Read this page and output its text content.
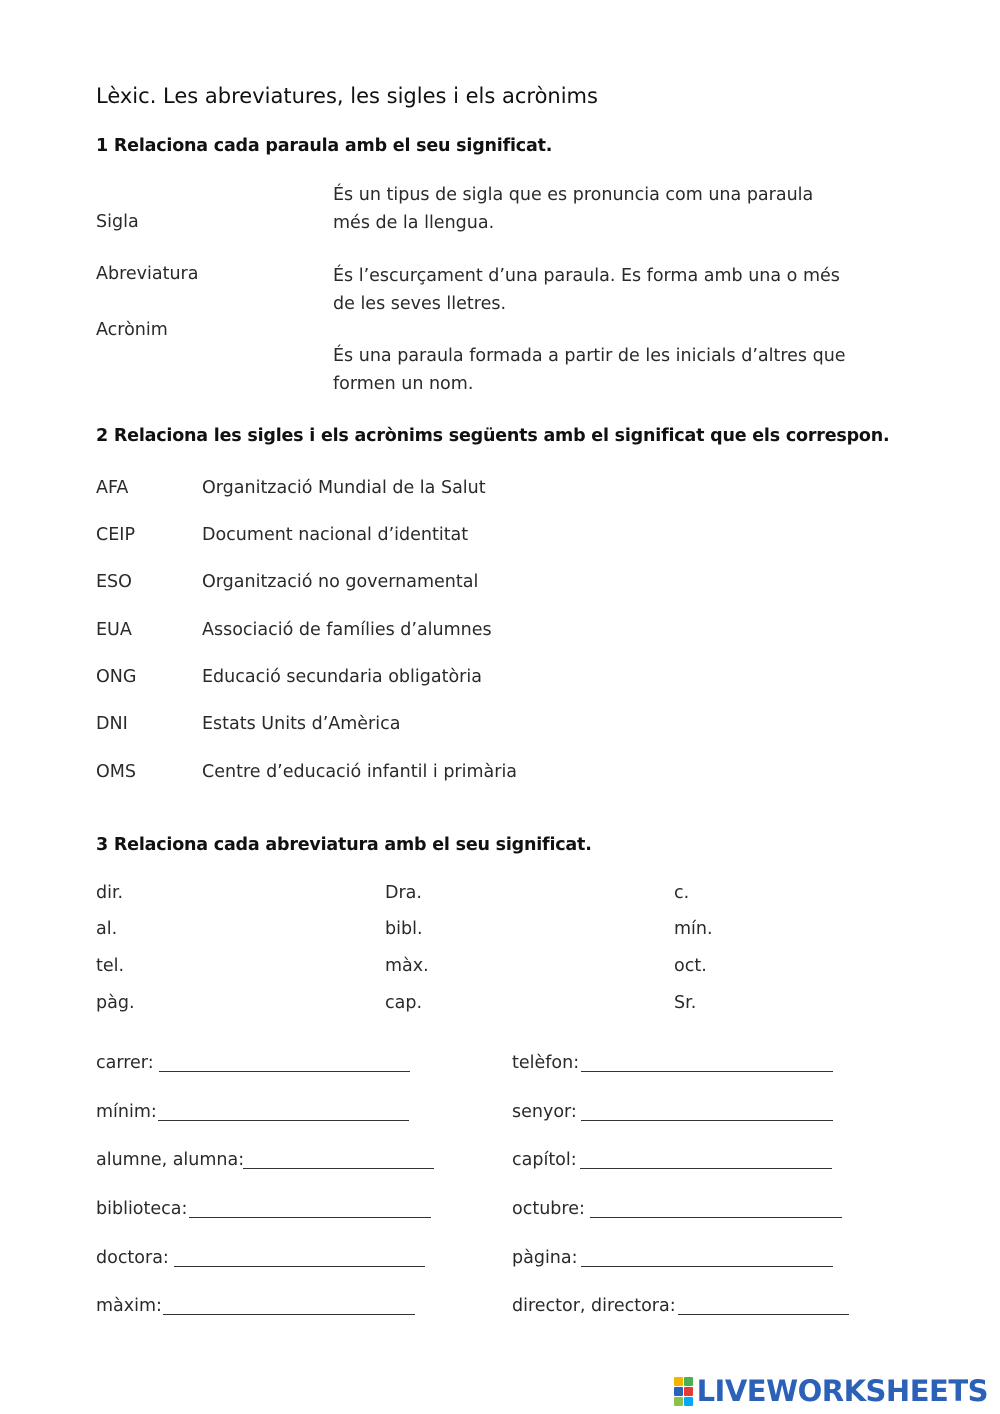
Lèxic. Les abreviatures, les sigles i els acrònims
1 Relaciona cada paraula amb el seu significat.
Sigla
Abreviatura
Acrònim
És un tipus de sigla que es pronuncia com una paraula més de la llengua.
És l’escurçament d’una paraula. Es forma amb una o més de les seves lletres.
És una paraula formada a partir de les inicials d’altres que formen un nom.
2 Relaciona les sigles i els acrònims següents amb el significat que els correspon.
AFA
CEIP
ESO
EUA
ONG
DNI
OMS
Organització Mundial de la Salut
Document nacional d’identitat
Organització no governamental
Associació de famílies d’alumnes
Educació secundaria obligatòria
Estats Units d’Amèrica
Centre d’educació infantil i primària
3 Relaciona cada abreviatura amb el seu significat.
dir.
al.
tel.
pàg.
Dra.
bibl.
màx.
cap.
c.
mín.
oct.
Sr.
carrer:
mínim:
alumne, alumna:
biblioteca:
doctora:
màxim:
telèfon:
senyor:
capítol:
octubre:
pàgina:
director, directora:
LIVEWORKSHEETS
